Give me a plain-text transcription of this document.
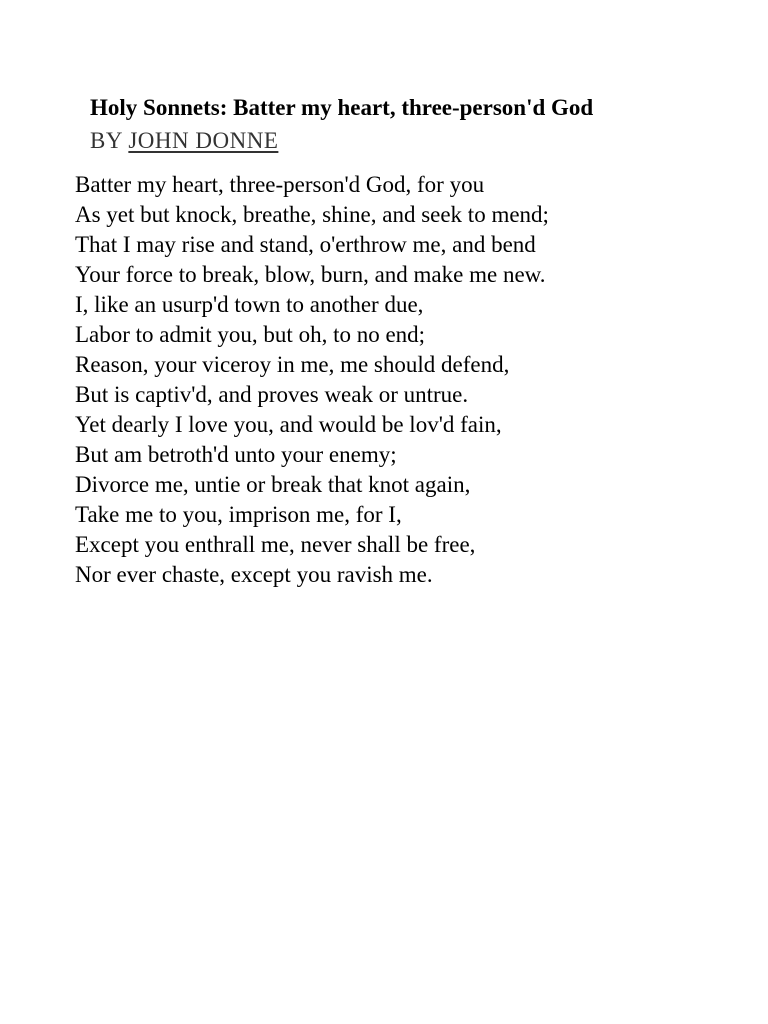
Holy Sonnets: Batter my heart, three-person'd God
BY JOHN DONNE
Batter my heart, three-person'd God, for you
As yet but knock, breathe, shine, and seek to mend;
That I may rise and stand, o'erthrow me, and bend
Your force to break, blow, burn, and make me new.
I, like an usurp'd town to another due,
Labor to admit you, but oh, to no end;
Reason, your viceroy in me, me should defend,
But is captiv'd, and proves weak or untrue.
Yet dearly I love you, and would be lov'd fain,
But am betroth'd unto your enemy;
Divorce me, untie or break that knot again,
Take me to you, imprison me, for I,
Except you enthrall me, never shall be free,
Nor ever chaste, except you ravish me.
